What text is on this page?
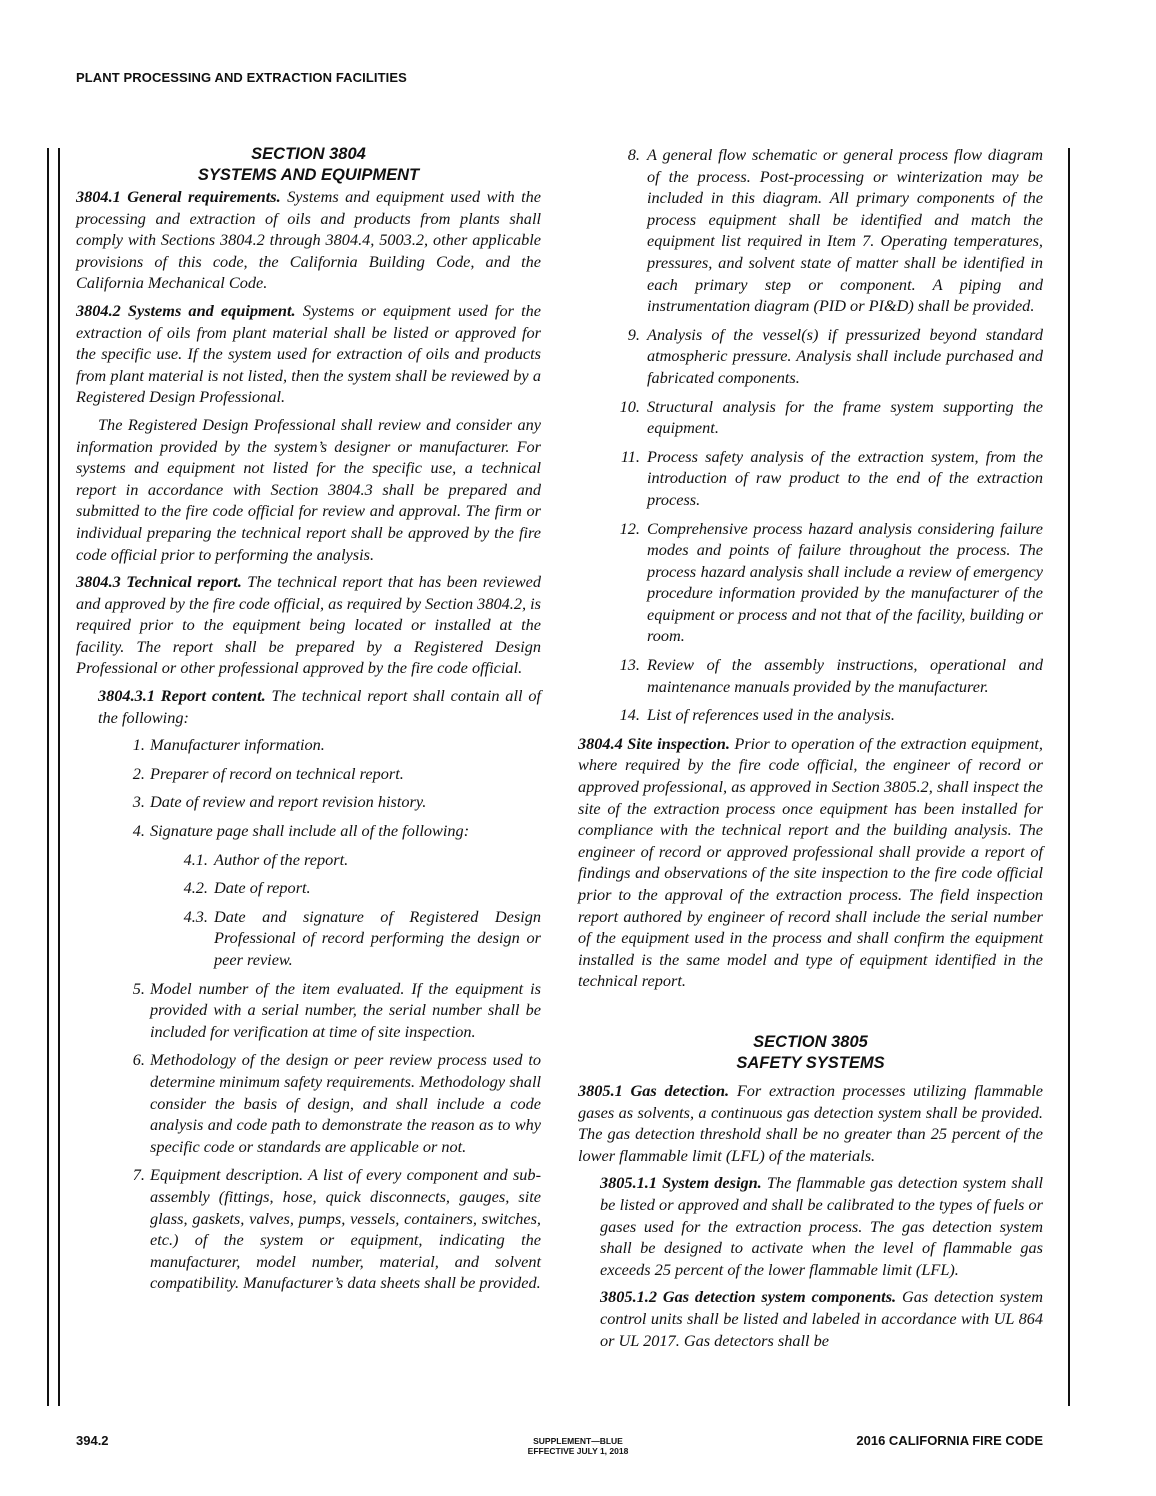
PLANT PROCESSING AND EXTRACTION FACILITIES
SECTION 3804
SYSTEMS AND EQUIPMENT

3804.1 General requirements. Systems and equipment used with the processing and extraction of oils and products from plants shall comply with Sections 3804.2 through 3804.4, 5003.2, other applicable provisions of this code, the California Building Code, and the California Mechanical Code.

3804.2 Systems and equipment. Systems or equipment used for the extraction of oils from plant material shall be listed or approved for the specific use. If the system used for extraction of oils and products from plant material is not listed, then the system shall be reviewed by a Registered Design Professional.

The Registered Design Professional shall review and consider any information provided by the system’s designer or manufacturer. For systems and equipment not listed for the specific use, a technical report in accordance with Section 3804.3 shall be prepared and submitted to the fire code official for review and approval. The firm or individual preparing the technical report shall be approved by the fire code official prior to performing the analysis.

3804.3 Technical report. The technical report that has been reviewed and approved by the fire code official, as required by Section 3804.2, is required prior to the equipment being located or installed at the facility. The report shall be prepared by a Registered Design Professional or other professional approved by the fire code official.

3804.3.1 Report content. The technical report shall contain all of the following:

1. Manufacturer information.
2. Preparer of record on technical report.
3. Date of review and report revision history.
4. Signature page shall include all of the following:
4.1. Author of the report.
4.2. Date of report.
4.3. Date and signature of Registered Design Professional of record performing the design or peer review.
5. Model number of the item evaluated. If the equipment is provided with a serial number, the serial number shall be included for verification at time of site inspection.
6. Methodology of the design or peer review process used to determine minimum safety requirements. Methodology shall consider the basis of design, and shall include a code analysis and code path to demonstrate the reason as to why specific code or standards are applicable or not.
7. Equipment description. A list of every component and sub-assembly (fittings, hose, quick disconnects, gauges, site glass, gaskets, valves, pumps, vessels, containers, switches, etc.) of the system or equipment, indicating the manufacturer, model number, material, and solvent compatibility. Manufacturer’s data sheets shall be provided.
8. A general flow schematic or general process flow diagram of the process. Post-processing or winterization may be included in this diagram. All primary components of the process equipment shall be identified and match the equipment list required in Item 7. Operating temperatures, pressures, and solvent state of matter shall be identified in each primary step or component. A piping and instrumentation diagram (PID or PI&D) shall be provided.
9. Analysis of the vessel(s) if pressurized beyond standard atmospheric pressure. Analysis shall include purchased and fabricated components.
10. Structural analysis for the frame system supporting the equipment.
11. Process safety analysis of the extraction system, from the introduction of raw product to the end of the extraction process.
12. Comprehensive process hazard analysis considering failure modes and points of failure throughout the process. The process hazard analysis shall include a review of emergency procedure information provided by the manufacturer of the equipment or process and not that of the facility, building or room.
13. Review of the assembly instructions, operational and maintenance manuals provided by the manufacturer.
14. List of references used in the analysis.

3804.4 Site inspection. Prior to operation of the extraction equipment, where required by the fire code official, the engineer of record or approved professional, as approved in Section 3805.2, shall inspect the site of the extraction process once equipment has been installed for compliance with the technical report and the building analysis. The engineer of record or approved professional shall provide a report of findings and observations of the site inspection to the fire code official prior to the approval of the extraction process. The field inspection report authored by engineer of record shall include the serial number of the equipment used in the process and shall confirm the equipment installed is the same model and type of equipment identified in the technical report.

SECTION 3805
SAFETY SYSTEMS

3805.1 Gas detection. For extraction processes utilizing flammable gases as solvents, a continuous gas detection system shall be provided. The gas detection threshold shall be no greater than 25 percent of the lower flammable limit (LFL) of the materials.

3805.1.1 System design. The flammable gas detection system shall be listed or approved and shall be calibrated to the types of fuels or gases used for the extraction process. The gas detection system shall be designed to activate when the level of flammable gas exceeds 25 percent of the lower flammable limit (LFL).

3805.1.2 Gas detection system components. Gas detection system control units shall be listed and labeled in accordance with UL 864 or UL 2017. Gas detectors shall be

394.2	SUPPLEMENT—BLUE
EFFECTIVE JULY 1, 2018
2016 CALIFORNIA FIRE CODE
